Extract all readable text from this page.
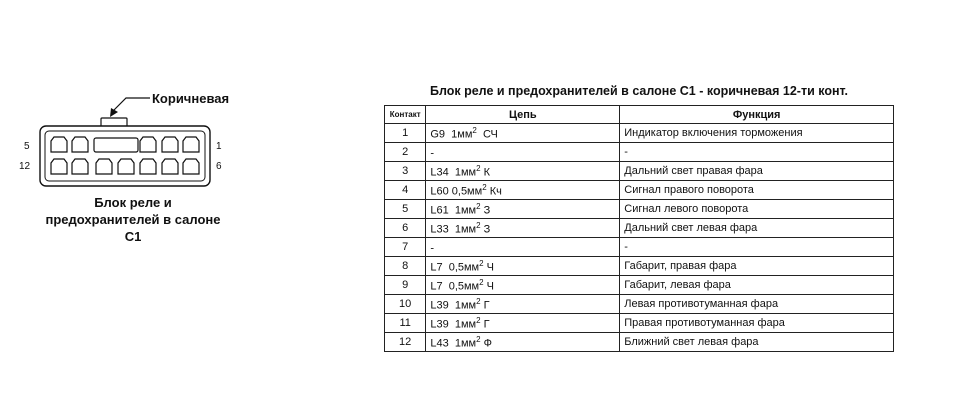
Коричневая
5
12
1
6
Блок реле и
предохранителей в салоне
C1
Блок реле и предохранителей в салоне C1 - коричневая 12-ти конт.
Контакт	Цепь	Функция
1	G9  $1мм^2$  СЧ	Индикатор включения торможения
2	-	-
3	L34  $1мм^2$ К	Дальний свет правая фара
4	L60 $0,5мм^2$ Кч	Сигнал правого поворота
5	L61  $1мм^2$ З	Сигнал левого поворота
6	L33  $1мм^2$ З	Дальний свет левая фара
7	-	-
8	L7  $0,5мм^2$ Ч	Габарит, правая фара
9	L7  $0,5мм^2$ Ч	Габарит, левая фара
10	L39  $1мм^2$ Г	Левая противотуманная фара
11	L39  $1мм^2$ Г	Правая противотуманная фара
12	L43  $1мм^2$ Ф	Ближний свет левая фара
